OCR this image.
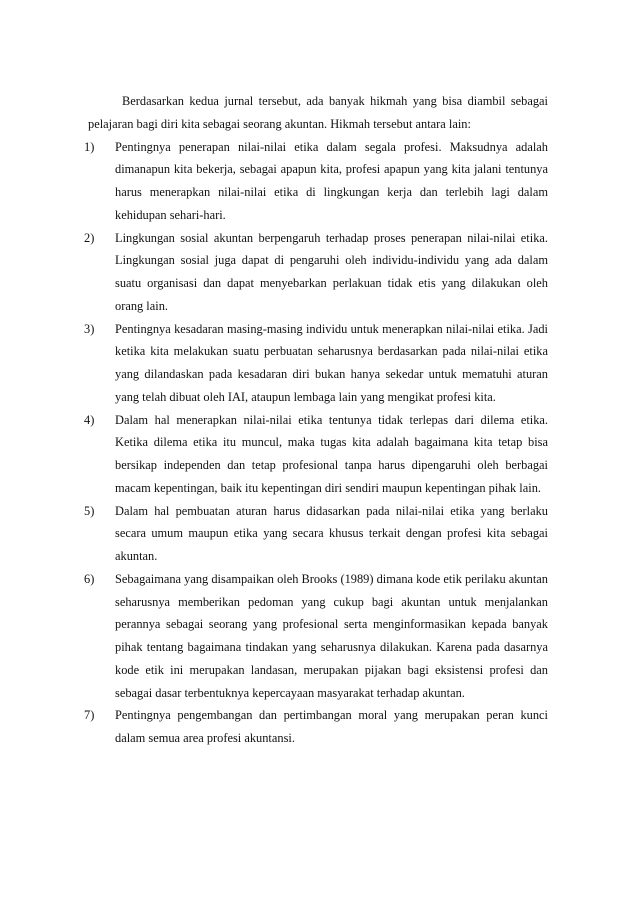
Berdasarkan kedua jurnal tersebut, ada banyak hikmah yang bisa diambil sebagai pelajaran bagi diri kita sebagai seorang akuntan. Hikmah tersebut antara lain:

1) Pentingnya penerapan nilai-nilai etika dalam segala profesi. Maksudnya adalah dimanapun kita bekerja, sebagai apapun kita, profesi apapun yang kita jalani tentunya harus menerapkan nilai-nilai etika di lingkungan kerja dan terlebih lagi dalam kehidupan sehari-hari.
2) Lingkungan sosial akuntan berpengaruh terhadap proses penerapan nilai-nilai etika. Lingkungan sosial juga dapat di pengaruhi oleh individu-individu yang ada dalam suatu organisasi dan dapat menyebarkan perlakuan tidak etis yang dilakukan oleh orang lain.
3) Pentingnya kesadaran masing-masing individu untuk menerapkan nilai-nilai etika. Jadi ketika kita melakukan suatu perbuatan seharusnya berdasarkan pada nilai-nilai etika yang dilandaskan pada kesadaran diri bukan hanya sekedar untuk mematuhi aturan yang telah dibuat oleh IAI, ataupun lembaga lain yang mengikat profesi kita.
4) Dalam hal menerapkan nilai-nilai etika tentunya tidak terlepas dari dilema etika. Ketika dilema etika itu muncul, maka tugas kita adalah bagaimana kita tetap bisa bersikap independen dan tetap profesional tanpa harus dipengaruhi oleh berbagai macam kepentingan, baik itu kepentingan diri sendiri maupun kepentingan pihak lain.
5) Dalam hal pembuatan aturan harus didasarkan pada nilai-nilai etika yang berlaku secara umum maupun etika yang secara khusus terkait dengan profesi kita sebagai akuntan.
6) Sebagaimana yang disampaikan oleh Brooks (1989) dimana kode etik perilaku akuntan seharusnya memberikan pedoman yang cukup bagi akuntan untuk menjalankan perannya sebagai seorang yang profesional serta menginformasikan kepada banyak pihak tentang bagaimana tindakan yang seharusnya dilakukan. Karena pada dasarnya kode etik ini merupakan landasan, merupakan pijakan bagi eksistensi profesi dan sebagai dasar terbentuknya kepercayaan masyarakat terhadap akuntan.
7) Pentingnya pengembangan dan pertimbangan moral yang merupakan peran kunci dalam semua area profesi akuntansi.
